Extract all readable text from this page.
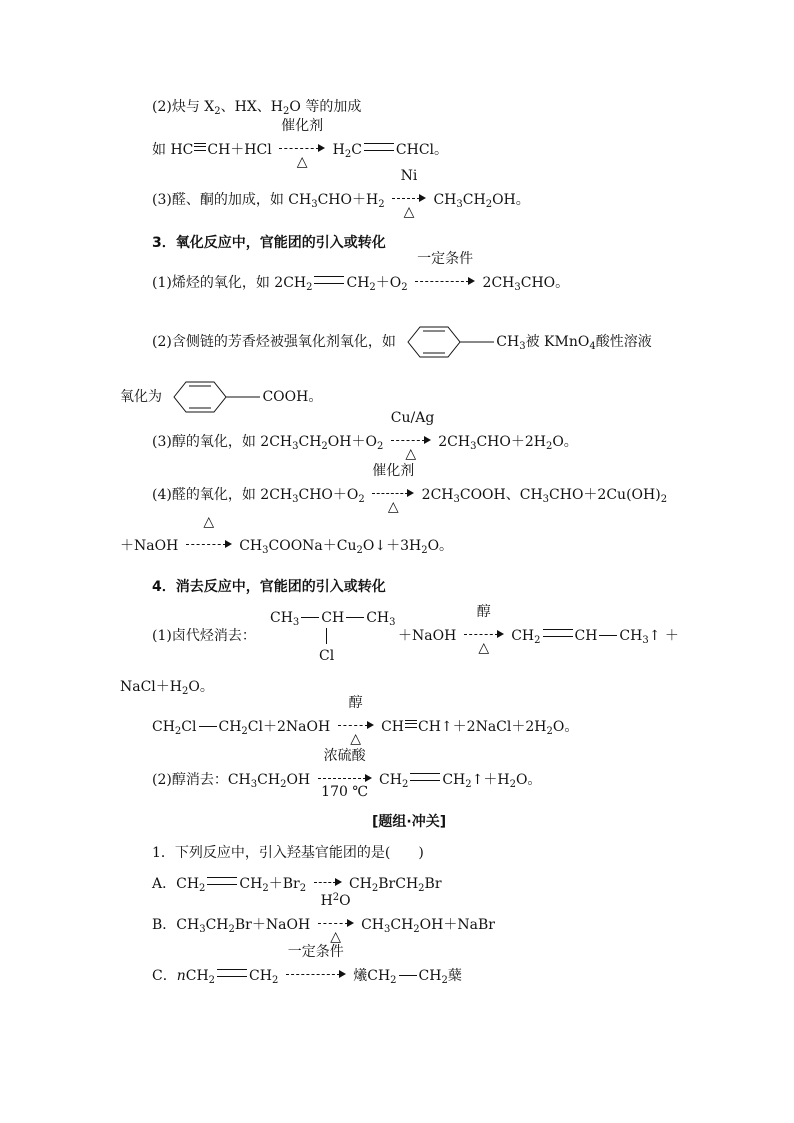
(2)炔与 $X_2$、HX、$H_2O$ 等的加成
如 HC CH＋HCl
催化剂
△
$H_2C$ CHCl。
(3)醛、酮的加成，如 $CH_3CHO+H_2$
Ni
△
$CH_3CH_2OH$。
3．氧化反应中，官能团的引入或转化
(1)烯烃的氧化，如 $2CH_2$ $CH_2+O_2$
一定条件
$2CH_3CHO$。
(2)含侧链的芳香烃被强氧化剂氧化，如	$CH_3$被 KMnO$_4$酸性溶液
氧化为	COOH。
(3)醇的氧化，如 $2CH_3CH_2OH+O_2$
Cu/Ag
△
$2CH_3CHO+2H_2O$。
(4)醛的氧化，如 $2CH_3CHO+O_2$
催化剂
△
$2CH_3COOH$、$CH_3CHO+2Cu(OH)_2$
＋NaOH
△
$CH_3COONa+Cu_2O↓+3H_2O$。
4．消去反应中，官能团的引入或转化
(1)卤代烃消去：
$CH_3$ CH $CH_3$
Cl
＋NaOH
醇
△
$CH_2$ CH $CH_3↑$ ＋
$NaCl+H_2O$。
$CH_2Cl$ $CH_2Cl+2NaOH$
醇
△
CH $CH↑+2NaCl+2H_2O$。
(2)醇消去：$CH_3CH_2OH$
浓硫酸
170 ℃
$CH_2$ $CH_2↑+H_2O$。
[题组·冲关]
1．下列反应中，引入羟基官能团的是(　　)
A．$CH_2$ $CH_2+Br_2$	$CH_2BrCH_2Br$
B．$CH_3CH_2Br+NaOH$
$H^2O$
△
$CH_3CH_2OH+NaBr$
C．nCH$_2$ $CH_2$
一定条件
爔$CH_2$ $CH_2$蘖
